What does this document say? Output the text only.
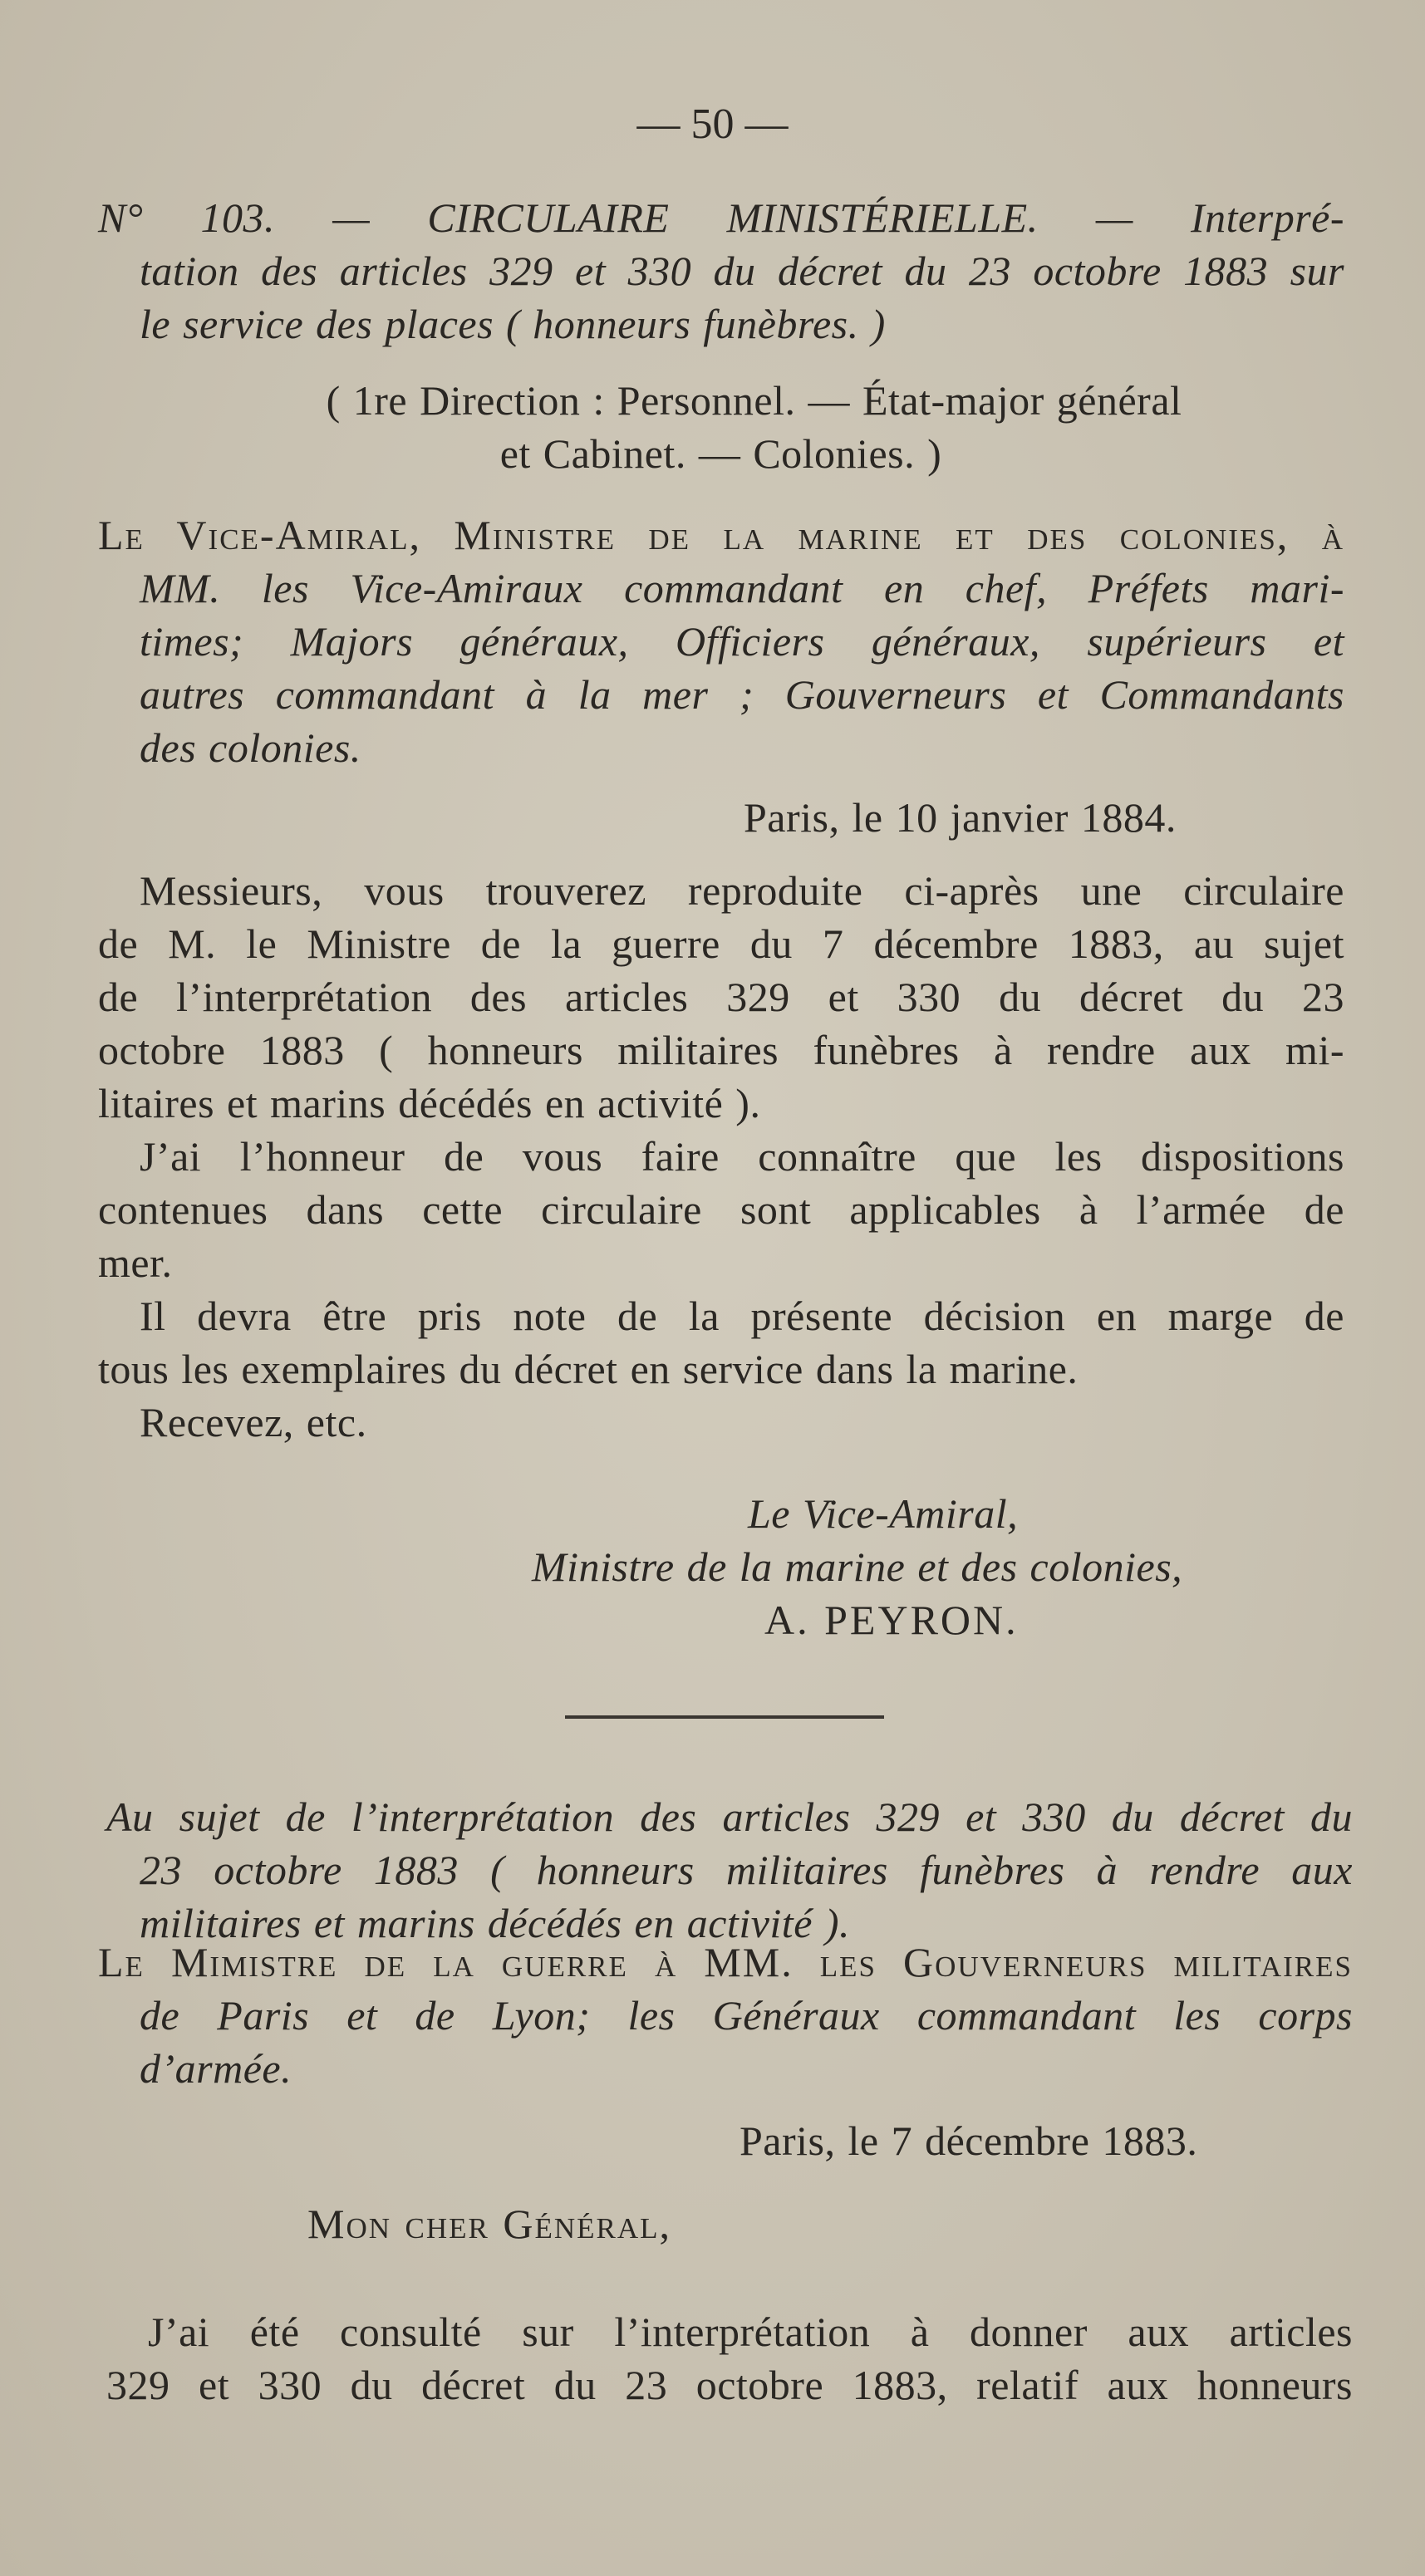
— 50 —
N° 103. — CIRCULAIRE MINISTÉRIELLE. — Interpré-
tation des articles 329 et 330 du décret du 23 octobre 1883 sur
le service des places ( honneurs funèbres. )
( 1re Direction : Personnel. — État-major général
et Cabinet. — Colonies. )
Le Vice-Amiral, Ministre de la marine et des colonies, à
MM. les Vice-Amiraux commandant en chef, Préfets mari-
times; Majors généraux, Officiers généraux, supérieurs et
autres commandant à la mer ; Gouverneurs et Commandants
des colonies.
Paris, le 10 janvier 1884.
Messieurs, vous trouverez reproduite ci-après une circulaire
de M. le Ministre de la guerre du 7 décembre 1883, au sujet
de l’interprétation des articles 329 et 330 du décret du 23
octobre 1883 ( honneurs militaires funèbres à rendre aux mi-
litaires et marins décédés en activité ).
J’ai l’honneur de vous faire connaître que les dispositions
contenues dans cette circulaire sont applicables à l’armée de
mer.
Il devra être pris note de la présente décision en marge de
tous les exemplaires du décret en service dans la marine.
Recevez, etc.
Le Vice-Amiral,
Ministre de la marine et des colonies,
A. PEYRON.
Au sujet de l’interprétation des articles 329 et 330 du décret du
23 octobre 1883 ( honneurs militaires funèbres à rendre aux
militaires et marins décédés en activité ).
Le Mimistre de la guerre à MM. les Gouverneurs militaires
de Paris et de Lyon; les Généraux commandant les corps
d’armée.
Paris, le 7 décembre 1883.
Mon cher Général,
J’ai été consulté sur l’interprétation à donner aux articles
329 et 330 du décret du 23 octobre 1883, relatif aux honneurs
